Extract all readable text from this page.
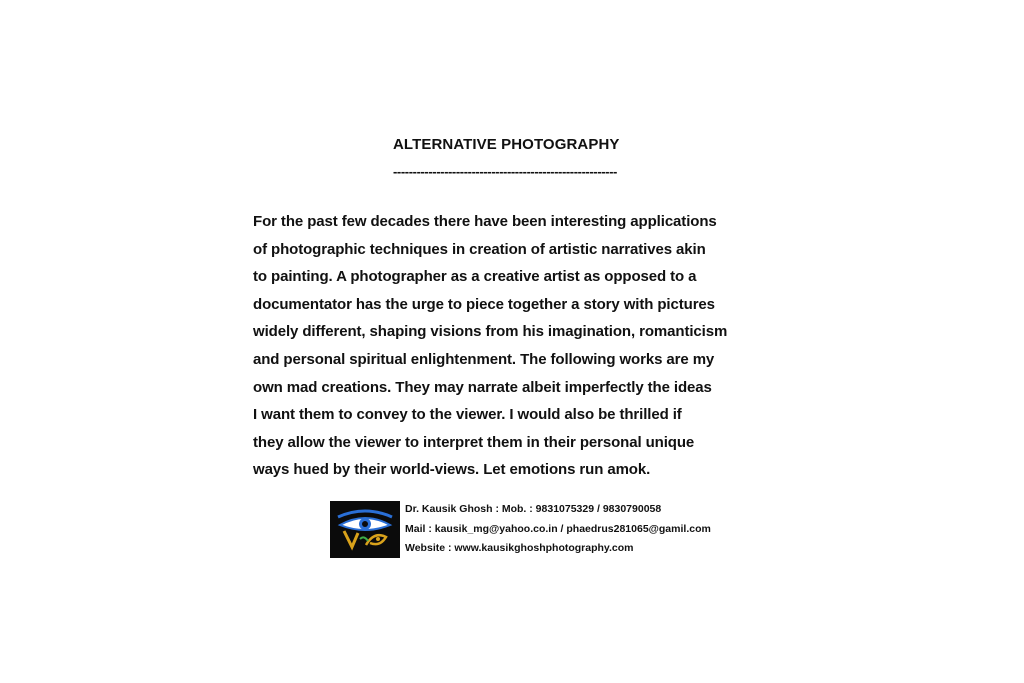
ALTERNATIVE PHOTOGRAPHY
---------------------------------------------------------
For the past few decades there have been interesting applications
of photographic techniques in creation of artistic narratives akin
to painting. A photographer as a creative artist as opposed to a
documentator has the urge to piece together a story with pictures
widely different, shaping visions from his imagination, romanticism
and personal spiritual enlightenment. The following works are my
own mad creations. They may narrate albeit imperfectly the ideas
I want them to convey to the viewer. I would also be thrilled if
they allow the viewer to interpret them in their personal unique
ways hued by their world-views. Let emotions run amok.
Dr. Kausik Ghosh : Mob. : 9831075329 / 9830790058
Mail : kausik_mg@yahoo.co.in / phaedrus281065@gamil.com
Website : www.kausikghoshphotography.com
